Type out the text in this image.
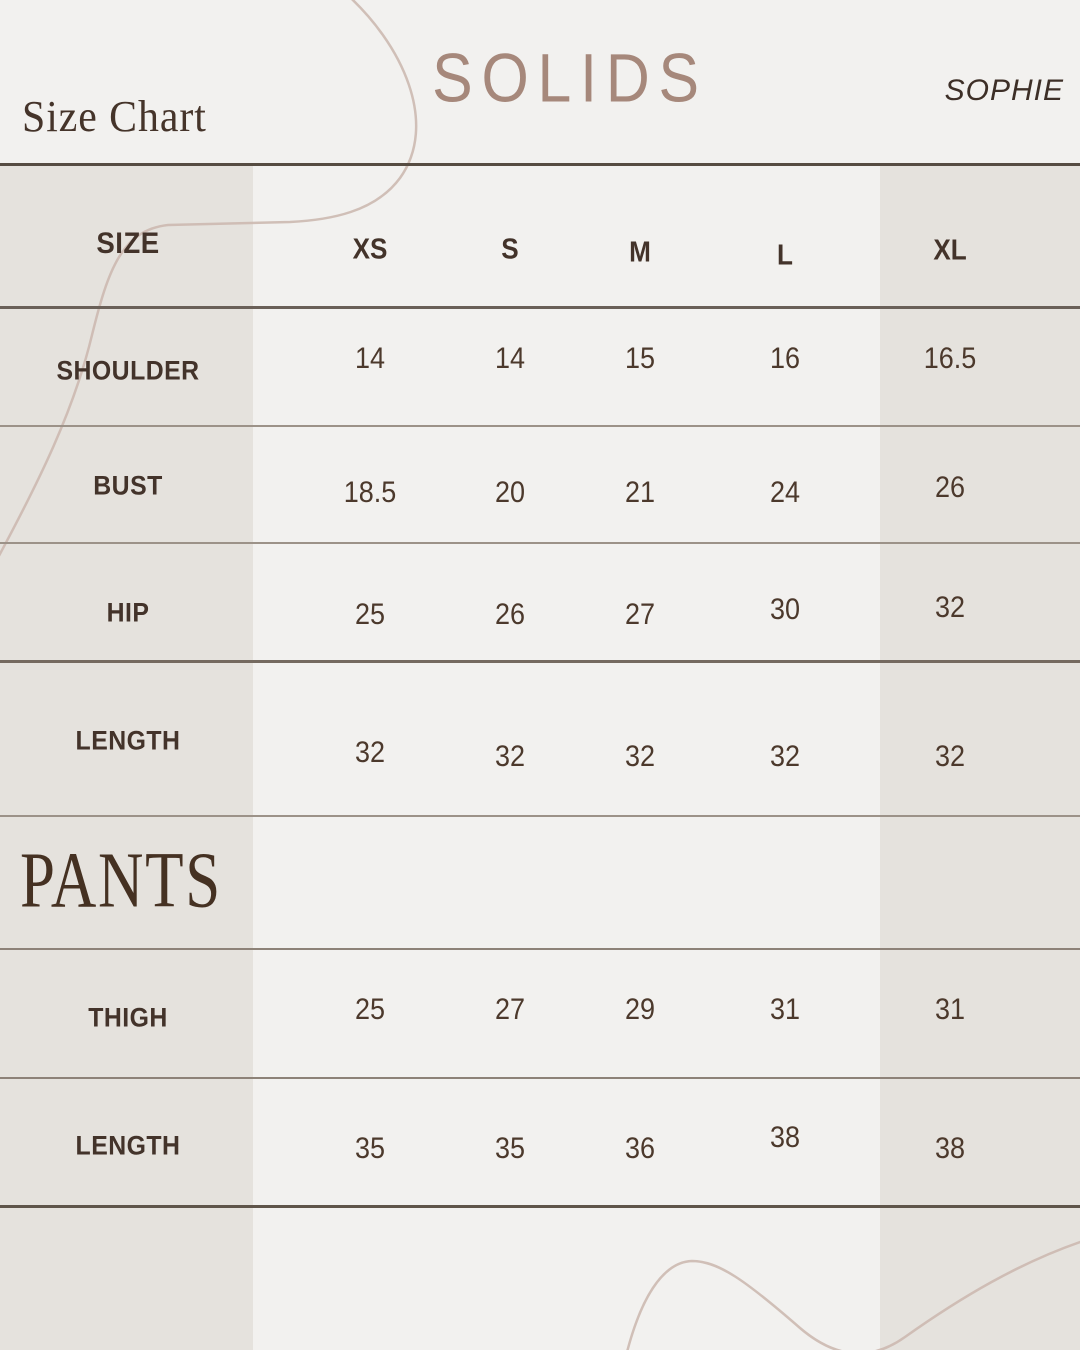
Size Chart	SOLIDS	SOPHIE
SIZE	XS	S	M	L	XL
SHOULDER	14	14	15	16	16.5
BUST	18.5	20	21	24	26
HIP	25	26	27	30	32
LENGTH	32	32	32	32	32
PANTS
THIGH	25	27	29	31	31
LENGTH	35	35	36	38	38
